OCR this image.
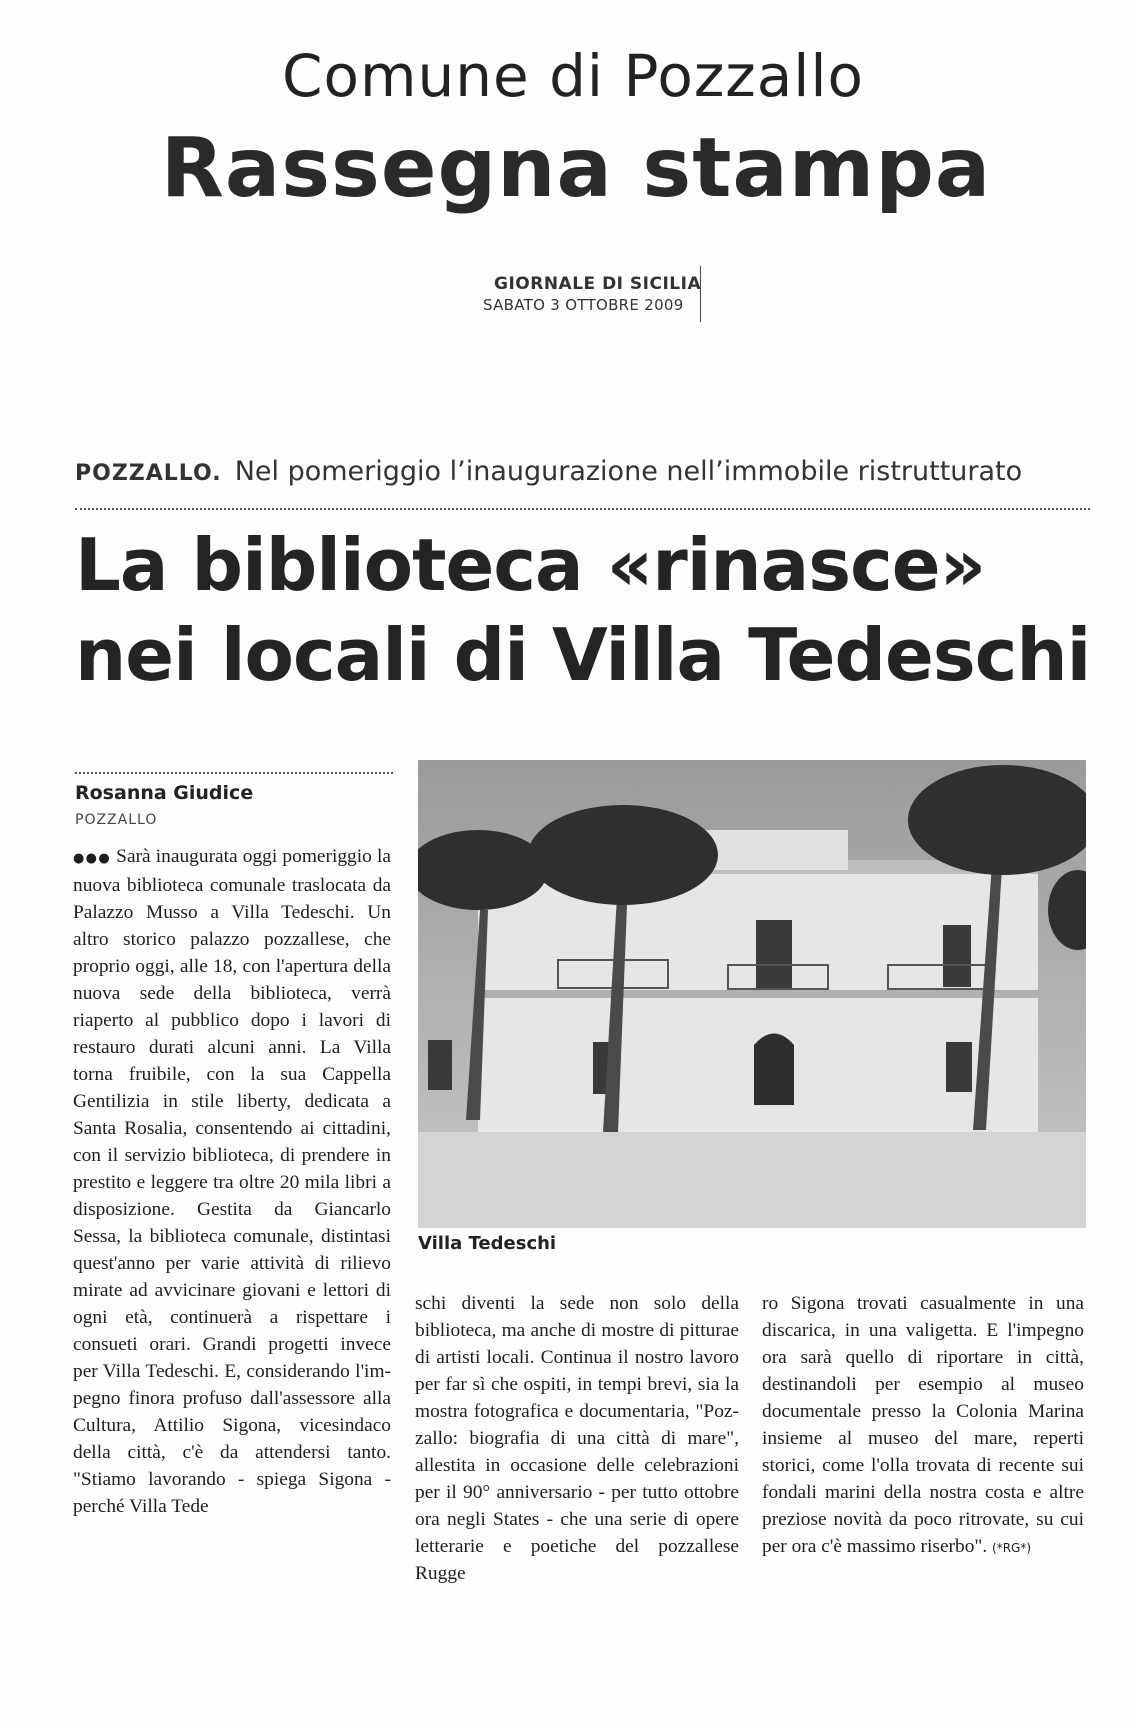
Comune di Pozzallo
Rassegna stampa
GIORNALE DI SICILIA
SABATO 3 OTTOBRE 2009
POZZALLO. Nel pomeriggio l’inaugurazione nell’immobile ristrutturato
La biblioteca «rinasce»
nei locali di Villa Tedeschi
Rosanna Giudice
POZZALLO
●●● Sarà inaugurata oggi pomeriggio la nuova biblioteca comunale traslocata da Palazzo Musso a Villa Tedeschi. Un altro storico palazzo pozzallese, che proprio oggi, alle 18, con l'apertura della nuova sede della biblioteca, verrà riaperto al pubblico dopo i lavori di restauro durati alcuni anni. La Villa torna fruibile, con la sua Cappella Gentilizia in stile liberty, dedicata a Santa Rosalia, consentendo ai cittadini, con il servizio biblioteca, di prendere in prestito e leggere tra oltre 20 mila libri a disposizione. Gestita da Giancarlo Sessa, la biblioteca comunale, distintasi quest'anno per varie attività di rilievo mirate ad avvicinare giovani e lettori di ogni età, continuerà a rispettare i consueti orari. Grandi progetti invece per Villa Tedeschi. E, considerando l'impegno finora profuso dall'assessore alla Cultura, Attilio Sigona, vicesindaco della città, c'è da attendersi tanto. "Stiamo lavorando - spiega Sigona - perché Villa Tede
Villa Tedeschi
schi diventi la sede non solo della biblioteca, ma anche di mostre di pitturae di artisti locali. Continua il nostro lavoro per far sì che ospiti, in tempi brevi, sia la mostra fotografica e documentaria, "Pozzallo: biografia di una città di mare", allestita in occasione delle celebrazioni per il 90° anniversario - per tutto ottobre ora negli States - che una serie di opere letterarie e poetiche del pozzallese Rugge
ro Sigona trovati casualmente in una discarica, in una valigetta. E l'impegno ora sarà quello di riportare in città, destinandoli per esempio al museo documentale presso la Colonia Marina insieme al museo del mare, reperti storici, come l'olla trovata di recente sui fondali marini della nostra costa e altre preziose novità da poco ritrovate, su cui per ora c'è massimo riserbo". (*RG*)
